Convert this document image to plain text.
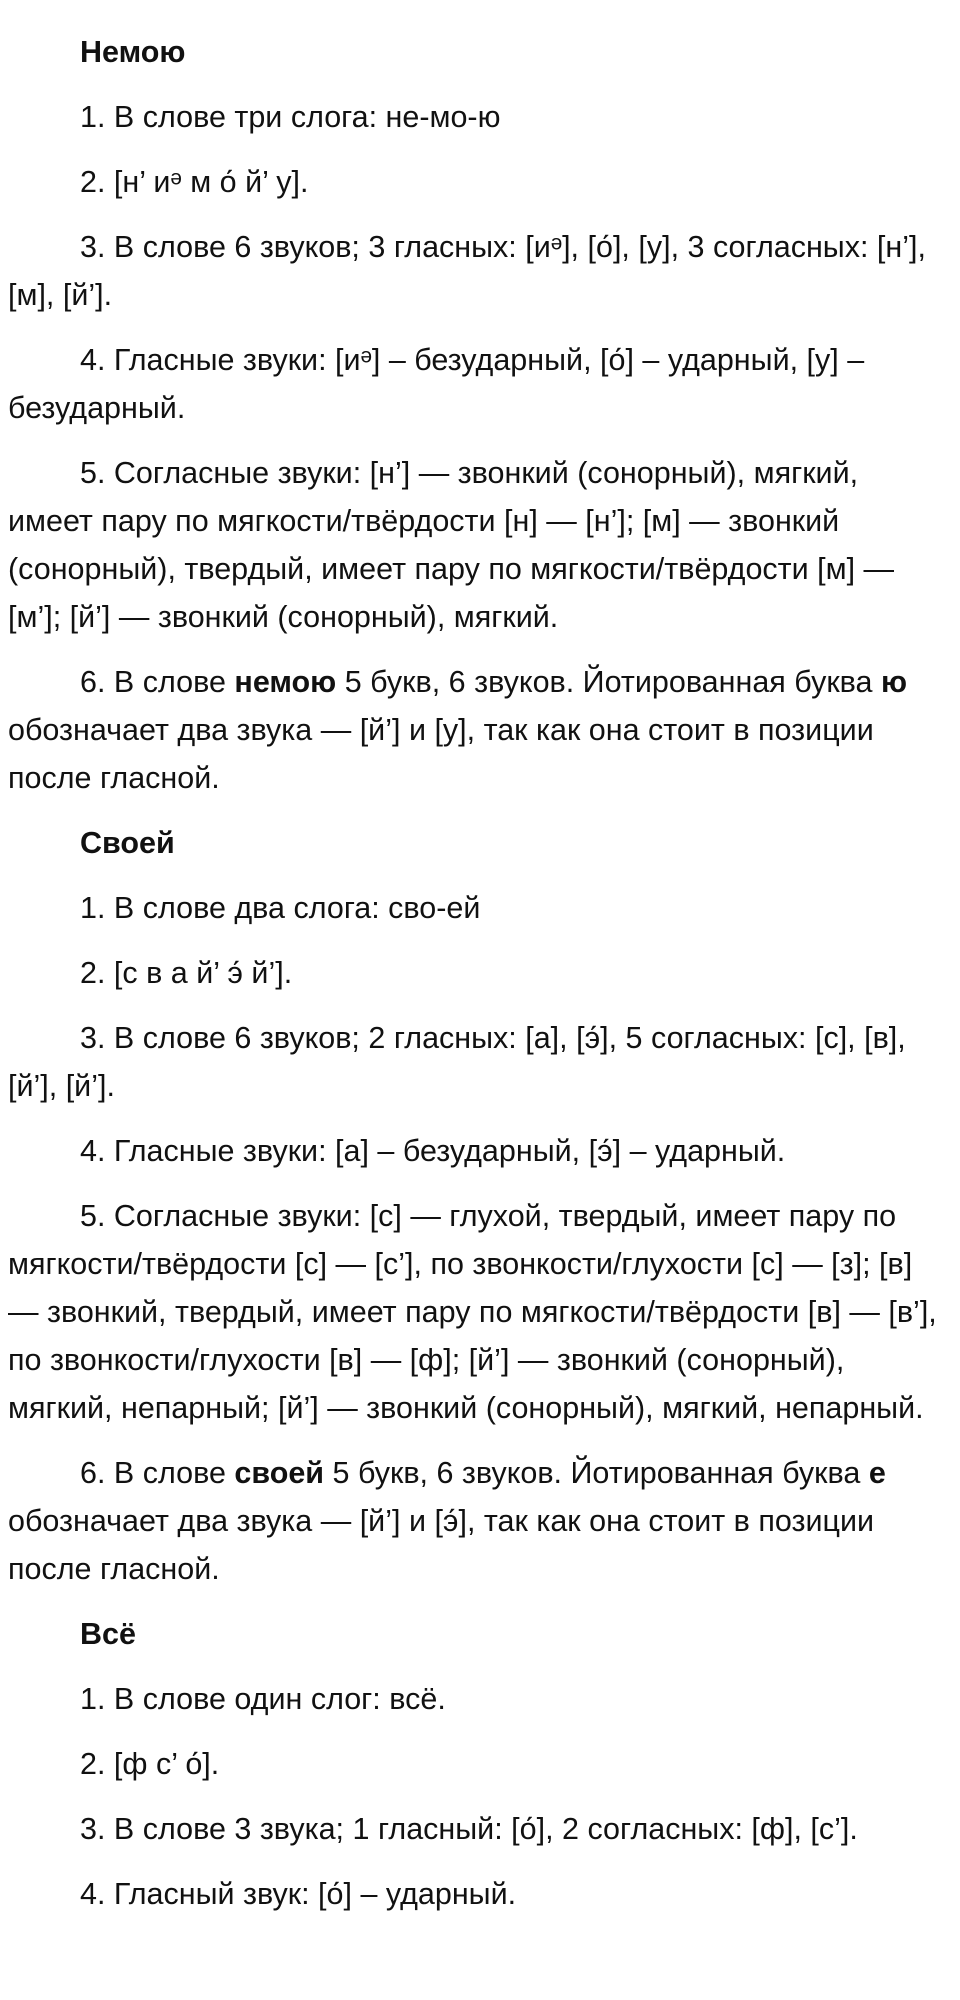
Немою

1. В слове три слога: не-мо-ю

2. [н’ иᵊ м о́ й’ у].

3. В слове 6 звуков; 3 гласных: [иᵊ], [о́], [у], 3 согласных: [н’], [м], [й’].

4. Гласные звуки: [иᵊ] – безударный, [о́] – ударный, [у] – безударный.

5. Согласные звуки: [н’] — звонкий (сонорный), мягкий, имеет пару по мягкости/твёрдости [н] — [н’]; [м] — звонкий (сонорный), твердый, имеет пару по мягкости/твёрдости [м] — [м’]; [й’] — звонкий (сонорный), мягкий.

6. В слове немою 5 букв, 6 звуков. Йотированная буква ю обозначает два звука — [й’] и [у], так как она стоит в позиции после гласной.

Своей

1. В слове два слога: сво-ей

2. [с в а й’ э́ й’].

3. В слове 6 звуков; 2 гласных: [а], [э́], 5 согласных: [с], [в], [й’], [й’].

4. Гласные звуки: [а] – безударный, [э́] – ударный.

5. Согласные звуки: [с] — глухой, твердый, имеет пару по мягкости/твёрдости [с] — [с’], по звонкости/глухости [с] — [з]; [в] — звонкий, твердый, имеет пару по мягкости/твёрдости [в] — [в’], по звонкости/глухости [в] — [ф]; [й’] — звонкий (сонорный), мягкий, непарный; [й’] — звонкий (сонорный), мягкий, непарный.

6. В слове своей 5 букв, 6 звуков. Йотированная буква е обозначает два звука — [й’] и [э́], так как она стоит в позиции после гласной.

Всё

1. В слове один слог: всё.

2. [ф с’ о́].

3. В слове 3 звука; 1 гласный: [о́], 2 согласных: [ф], [с’].

4. Гласный звук: [о́] – ударный.
